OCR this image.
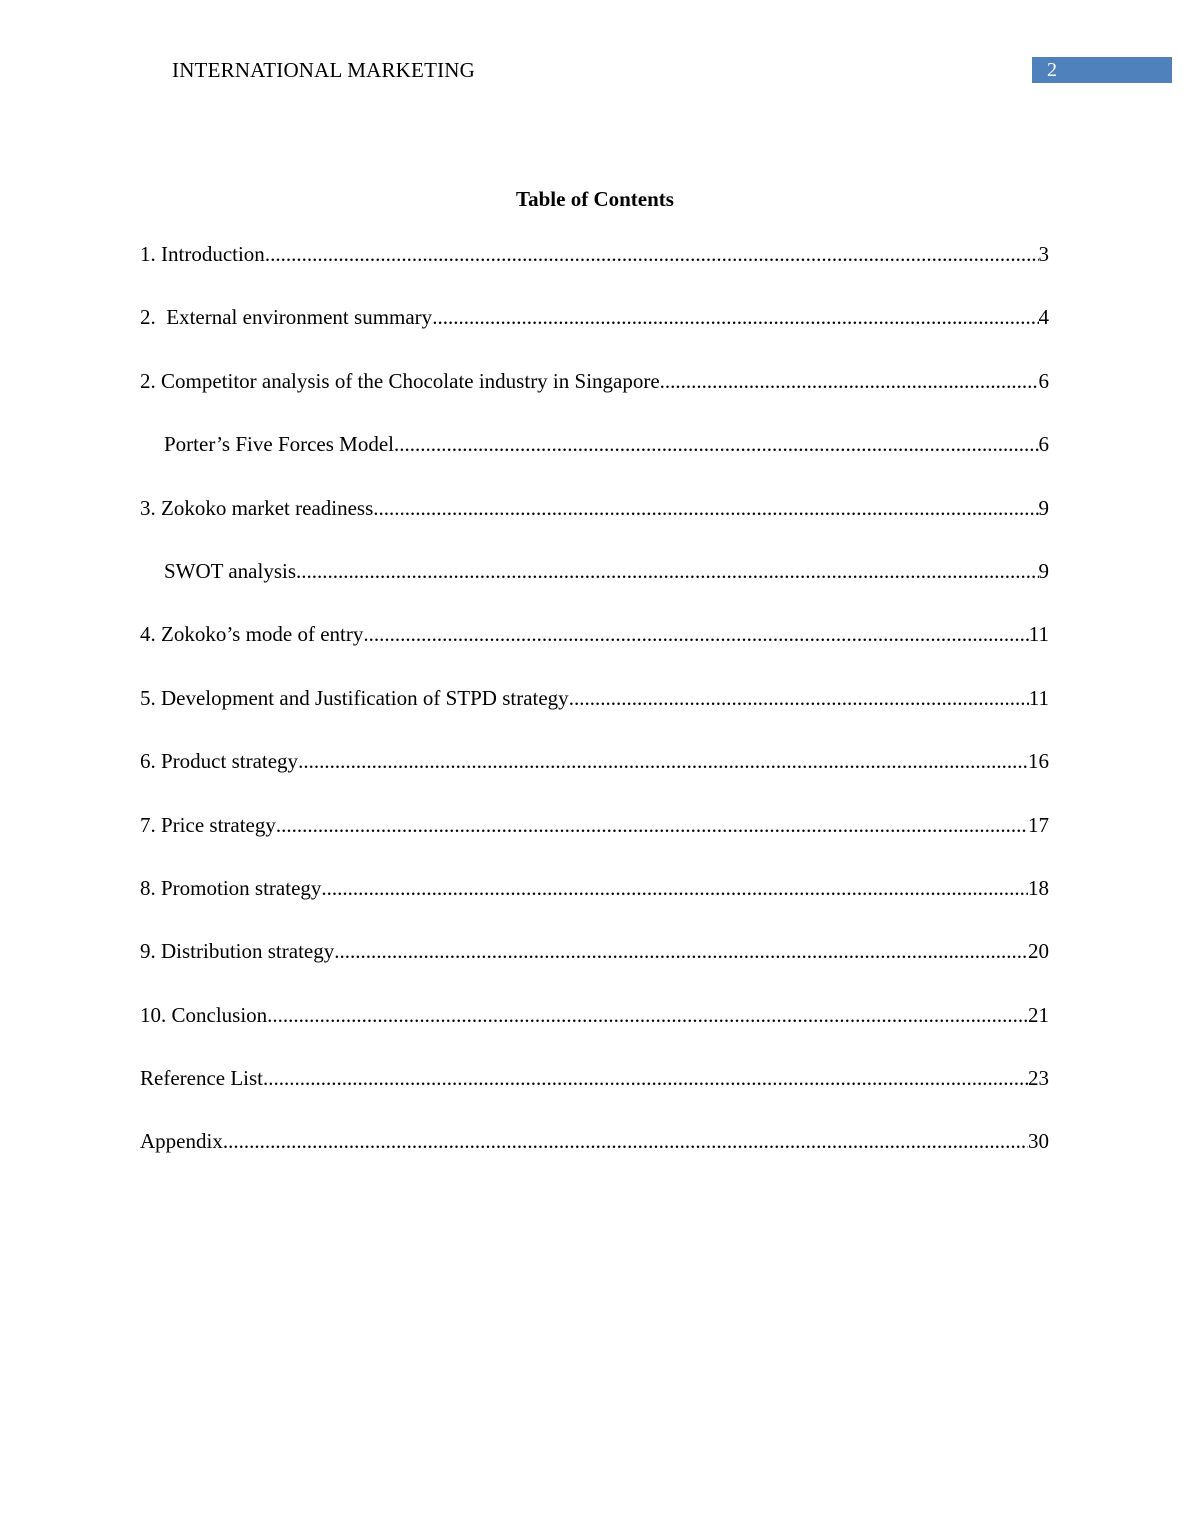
INTERNATIONAL MARKETING	2
Table of Contents
1. Introduction .....	3
2.  External environment summary .....	4
2. Competitor analysis of the Chocolate industry in Singapore .....	6
Porter’s Five Forces Model .....	6
3. Zokoko market readiness .....	9
SWOT analysis .....	9
4. Zokoko’s mode of entry .....	11
5. Development and Justification of STPD strategy .....	11
6. Product strategy .....	16
7. Price strategy .....	17
8. Promotion strategy .....	18
9. Distribution strategy .....	20
10. Conclusion .....	21
Reference List .....	23
Appendix .....	30
